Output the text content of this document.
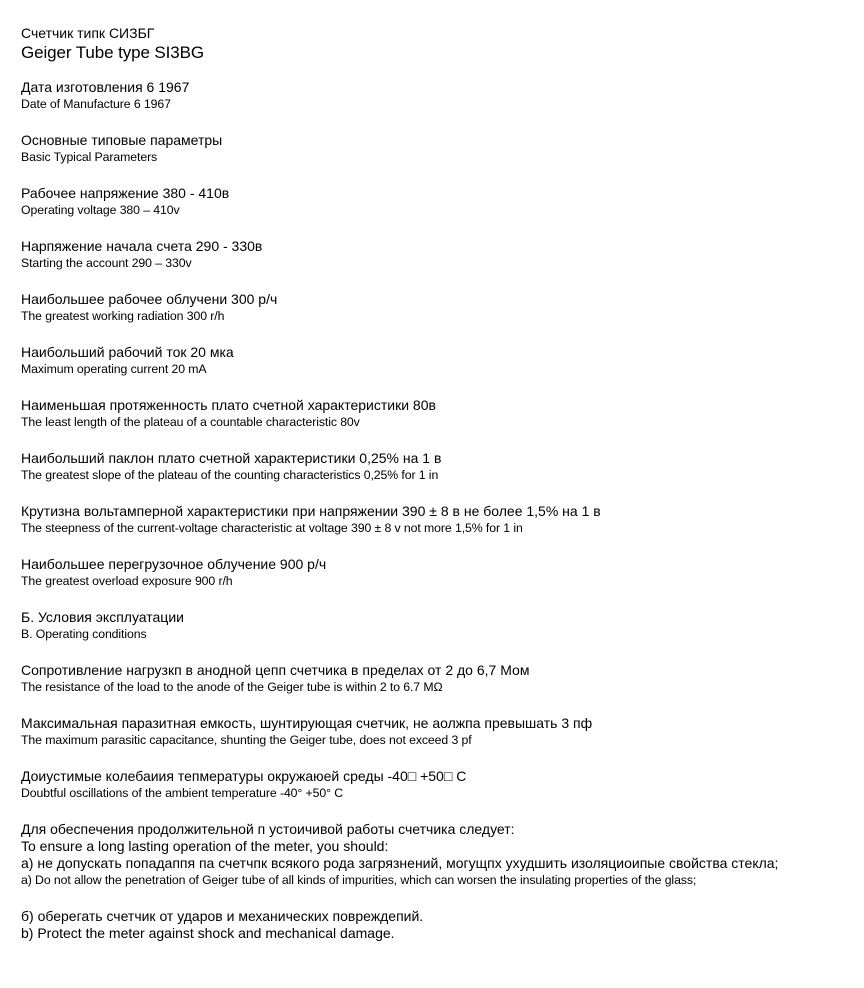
Счетчик типк СИЗБГ
Geiger Tube type SI3BG
Дата изготовления 6 1967
Date of Manufacture 6 1967
Основные типовые параметры
Basic Typical Parameters
Рабочее напряжение 380 - 410в
Operating voltage 380 – 410v
Нарпяжение начала счета 290 - 330в
Starting the account 290 – 330v
Наибольшее рабочее облучени 300 р/ч
The greatest working radiation 300 r/h
Наибольший рабочий ток 20 мка
Maximum operating current 20 mA
Наименьшая протяженность плато счетной характеристики 80в
The least length of the plateau of a countable characteristic 80v
Наибольший паклон плато счетной характеристики 0,25% на 1 в
The greatest slope of the plateau of the counting characteristics 0,25% for 1 in
Крутизна вольтамперной характеристики при напряжении 390 ± 8 в не более 1,5% на 1 в
The steepness of the current-voltage characteristic at voltage 390 ± 8 v not more 1,5% for 1 in
Наибольшее перегрузочное облучение 900 р/ч
The greatest overload exposure 900 r/h
Б. Условия эксплуатации
B. Operating conditions
Сопротивление нагрузкп в анодной цепп счетчика в пределах от 2 до 6,7 Мом
The resistance of the load to the anode of the Geiger tube is within 2 to 6.7 MΩ
Максимальная паразитная емкость, шунтирующая счетчик, не аолжпа превышать 3 пф
The maximum parasitic capacitance, shunting the Geiger tube, does not exceed 3 pf
Доиустимые колебаиия тепмературы окружаюей среды -40□ +50□ С
Doubtful oscillations of the ambient temperature -40° +50° C
Для обеспечения продолжительной п устоичивой работы счетчика следует:
To ensure a long lasting operation of the meter, you should:
а) не допускать попадаппя па счетчпк всякого рода загрязнений, могущпх ухудшить изоляциоипые свойства стекла;
a) Do not allow the penetration of Geiger tube of all kinds of impurities, which can worsen the insulating properties of the glass;
б) оберегать счетчик от ударов и механических повреждепий.
b) Protect the meter against shock and mechanical damage.
